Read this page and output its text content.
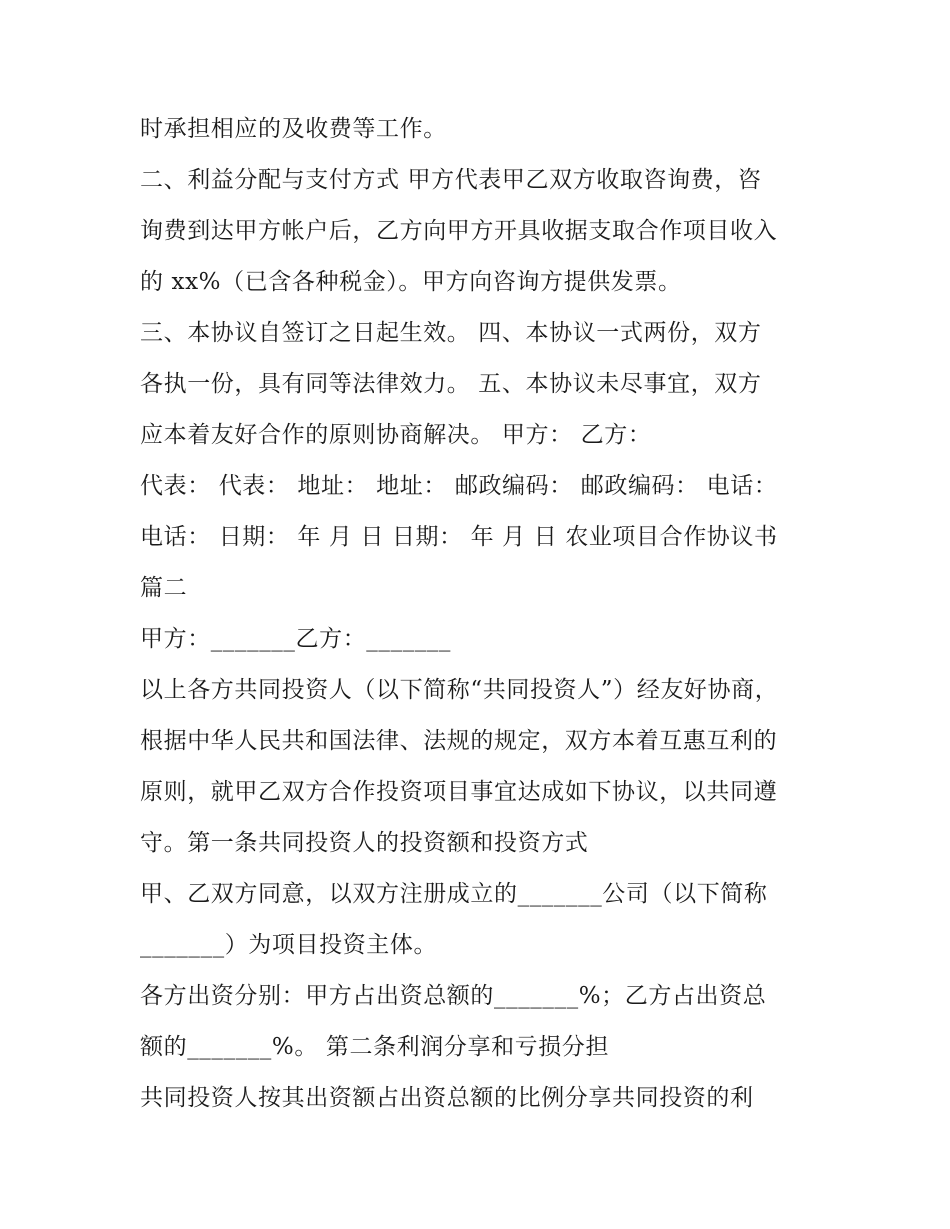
时承担相应的及收费等工作。
二、利益分配与支付方式 甲方代表甲乙双方收取咨询费，咨
询费到达甲方帐户后，乙方向甲方开具收据支取合作项目收入
的 xx%（已含各种税金）。甲方向咨询方提供发票。
三、本协议自签订之日起生效。 四、本协议一式两份，双方
各执一份，具有同等法律效力。 五、本协议未尽事宜，双方
应本着友好合作的原则协商解决。 甲方： 乙方：
代表： 代表： 地址： 地址： 邮政编码： 邮政编码： 电话：
电话： 日期： 年 月 日 日期： 年 月 日 农业项目合作协议书
篇二
甲方：_______乙方：_______
以上各方共同投资人（以下简称“共同投资人”）经友好协商，
根据中华人民共和国法律、法规的规定，双方本着互惠互利的
原则，就甲乙双方合作投资项目事宜达成如下协议，以共同遵
守。第一条共同投资人的投资额和投资方式
甲、乙双方同意，以双方注册成立的_______公司（以下简称
_______）为项目投资主体。
各方出资分别：甲方占出资总额的_______%；乙方占出资总
额的_______%。 第二条利润分享和亏损分担
共同投资人按其出资额占出资总额的比例分享共同投资的利
